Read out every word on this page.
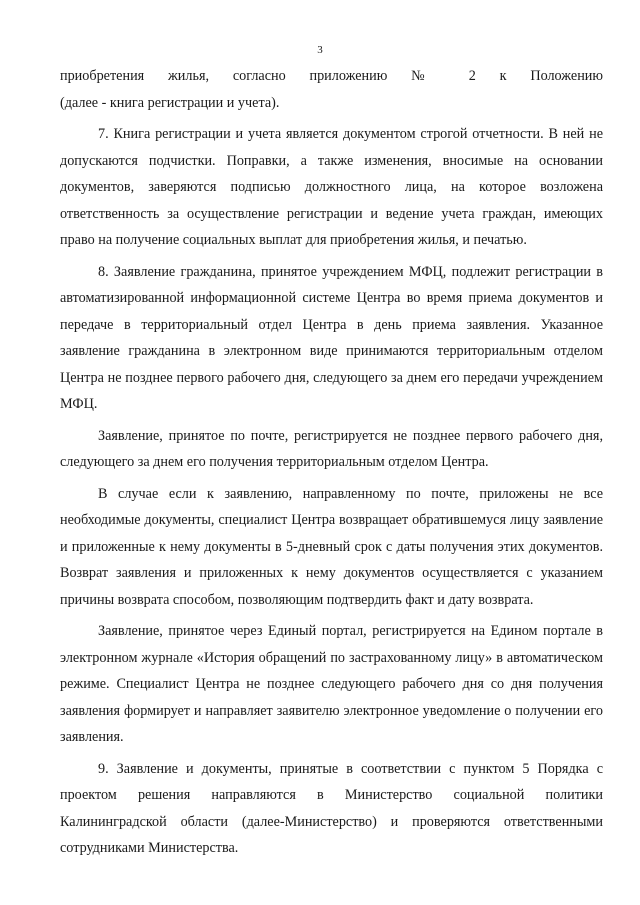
3

приобретения жилья, согласно приложению № 2 к Положению
(далее - книга регистрации и учета).

7. Книга регистрации и учета является документом строгой отчетности. В ней не допускаются подчистки. Поправки, а также изменения, вносимые на основании документов, заверяются подписью должностного лица, на которое возложена ответственность за осуществление регистрации и ведение учета граждан, имеющих право на получение социальных выплат для приобретения жилья, и печатью.

8. Заявление гражданина, принятое учреждением МФЦ, подлежит регистрации в автоматизированной информационной системе Центра во время приема документов и передаче в территориальный отдел Центра в день приема заявления. Указанное заявление гражданина в электронном виде принимаются территориальным отделом Центра не позднее первого рабочего дня, следующего за днем его передачи учреждением МФЦ.

Заявление, принятое по почте, регистрируется не позднее первого рабочего дня, следующего за днем его получения территориальным отделом Центра.

В случае если к заявлению, направленному по почте, приложены не все необходимые документы, специалист Центра возвращает обратившемуся лицу заявление и приложенные к нему документы в 5-дневный срок с даты получения этих документов. Возврат заявления и приложенных к нему документов осуществляется с указанием причины возврата способом, позволяющим подтвердить факт и дату возврата.

Заявление, принятое через Единый портал, регистрируется на Едином портале в электронном журнале «История обращений по застрахованному лицу» в автоматическом режиме. Специалист Центра не позднее следующего рабочего дня со дня получения заявления формирует и направляет заявителю электронное уведомление о получении его заявления.

9. Заявление и документы, принятые в соответствии с пунктом 5 Порядка с проектом решения направляются в Министерство социальной политики Калининградской области (далее-Министерство) и проверяются ответственными сотрудниками Министерства.
